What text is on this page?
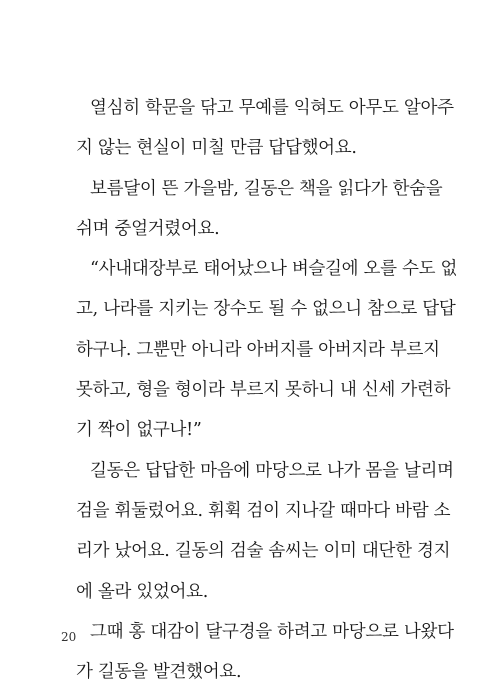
열심히 학문을 닦고 무예를 익혀도 아무도 알아주
지 않는 현실이 미칠 만큼 답답했어요.
보름달이 뜬 가을밤, 길동은 책을 읽다가 한숨을
쉬며 중얼거렸어요.
“사내대장부로 태어났으나 벼슬길에 오를 수도 없
고, 나라를 지키는 장수도 될 수 없으니 참으로 답답
하구나. 그뿐만 아니라 아버지를 아버지라 부르지
못하고, 형을 형이라 부르지 못하니 내 신세 가련하
기 짝이 없구나!”
길동은 답답한 마음에 마당으로 나가 몸을 날리며
검을 휘둘렀어요. 휘휙 검이 지나갈 때마다 바람 소
리가 났어요. 길동의 검술 솜씨는 이미 대단한 경지
에 올라 있었어요.
그때 홍 대감이 달구경을 하려고 마당으로 나왔다
가 길동을 발견했어요.
20
